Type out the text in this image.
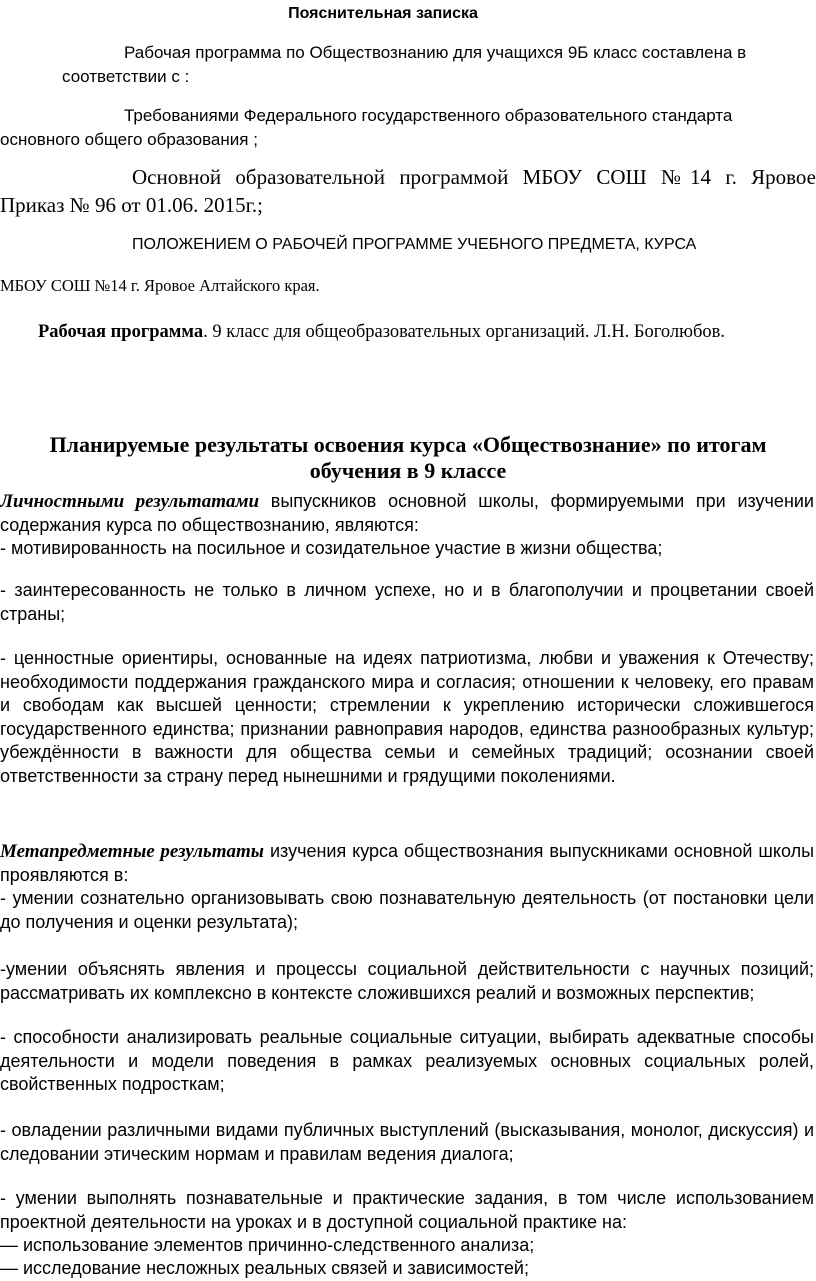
Пояснительная записка

Рабочая программа по Обществознанию для учащихся 9Б класс составлена в

соответствии с :

Требованиями Федерального государственного образовательного стандарта

основного общего образования ;

Основной образовательной программой МБОУ СОШ №14 г. Яровое

Приказ № 96 от 01.06. 2015г.;

ПОЛОЖЕНИЕМ О РАБОЧЕЙ ПРОГРАММЕ УЧЕБНОГО ПРЕДМЕТА, КУРСА

МБОУ СОШ №14 г. Яровое Алтайского края.

Рабочая программа. 9 класс для общеобразовательных организаций. Л.Н. Боголюбов.

Планируемые результаты освоения курса «Обществознание» по итогам обучения в 9 классе

Личностными результатами выпускников основной школы, формируемыми при изучении содержания курса по обществознанию, являются:

- мотивированность на посильное и созидательное участие в жизни общества;

- заинтересованность не только в личном успехе, но и в благополучии и процветании своей страны;

- ценностные ориентиры, основанные на идеях патриотизма, любви и уважения к Отечеству; необходимости поддержания гражданского мира и согласия; отношении к человеку, его правам и свободам как высшей ценности; стремлении к укреплению исторически сложившегося государственного единства; признании равноправия народов, единства разнообразных культур; убеждённости в важности для общества семьи и семейных традиций; осознании своей ответственности за страну перед нынешними и грядущими поколениями.

Метапредметные результаты изучения курса обществознания выпускниками основной школы проявляются в:

- умении сознательно организовывать свою познавательную деятельность (от постановки цели до получения и оценки результата);

-умении объяснять явления и процессы социальной действительности с научных позиций; рассматривать их комплексно в контексте сложившихся реалий и возможных перспектив;

- способности анализировать реальные социальные ситуации, выбирать адекватные способы деятельности и модели поведения в рамках реализуемых основных социальных ролей, свойственных подросткам;

- овладении различными видами публичных выступлений (высказывания, монолог, дискуссия) и следовании этическим нормам и правилам ведения диалога;

- умении выполнять познавательные и практические задания, в том числе использованием проектной деятельности на уроках и в доступной социальной практике на:

— использование элементов причинно-следственного анализа;

— исследование несложных реальных связей и зависимостей;
